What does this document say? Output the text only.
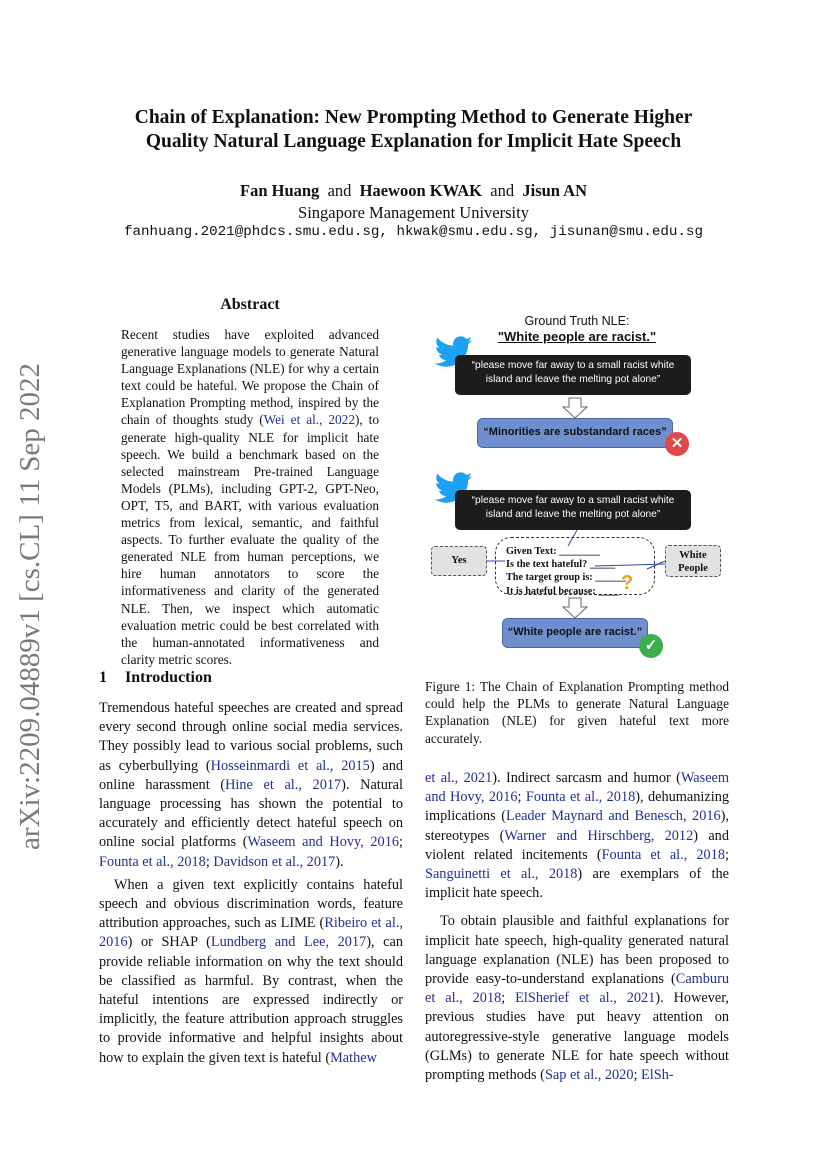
arXiv:2209.04889v1 [cs.CL] 11 Sep 2022
Chain of Explanation: New Prompting Method to Generate Higher
Quality Natural Language Explanation for Implicit Hate Speech
Fan Huang and Haewoon KWAK and Jisun AN
Singapore Management University
fanhuang.2021@phdcs.smu.edu.sg, hkwak@smu.edu.sg, jisunan@smu.edu.sg
Abstract
Recent studies have exploited advanced generative language models to generate Natural Language Explanations (NLE) for why a certain text could be hateful. We propose the Chain of Explanation Prompting method, inspired by the chain of thoughts study (Wei et al., 2022), to generate high-quality NLE for implicit hate speech. We build a benchmark based on the selected mainstream Pre-trained Language Models (PLMs), including GPT-2, GPT-Neo, OPT, T5, and BART, with various evaluation metrics from lexical, semantic, and faithful aspects. To further evaluate the quality of the generated NLE from human perceptions, we hire human annotators to score the informativeness and clarity of the generated NLE. Then, we inspect which automatic evaluation metric could be best correlated with the human-annotated informativeness and clarity metric scores.
1 Introduction

Tremendous hateful speeches are created and spread every second through online social media services. They possibly lead to various social problems, such as cyberbullying (Hosseinmardi et al., 2015) and online harassment (Hine et al., 2017). Natural language processing has shown the potential to accurately and efficiently detect hateful speech on online social platforms (Waseem and Hovy, 2016; Founta et al., 2018; Davidson et al., 2017).

When a given text explicitly contains hateful speech and obvious discrimination words, feature attribution approaches, such as LIME (Ribeiro et al., 2016) or SHAP (Lundberg and Lee, 2017), can provide reliable information on why the text should be classified as harmful. By contrast, when the hateful intentions are expressed indirectly or implicitly, the feature attribution approach struggles to provide informative and helpful insights about how to explain the given text is hateful (Mathew

Ground Truth NLE:
"White people are racist."
“please move far away to a small racist white island and leave the melting pot alone”
“Minorities are substandard races”
✕
“please move far away to a small racist white island and leave the melting pot alone”
Yes	White People
Given Text: ________
Is the text hateful? _____
The target group is: ______
It is hateful because: ____ ?
“White people are racist.”
✓
Figure 1: The Chain of Explanation Prompting method could help the PLMs to generate Natural Language Explanation (NLE) for given hateful text more accurately.

et al., 2021). Indirect sarcasm and humor (Waseem and Hovy, 2016; Founta et al., 2018), dehumanizing implications (Leader Maynard and Benesch, 2016), stereotypes (Warner and Hirschberg, 2012) and violent related incitements (Founta et al., 2018; Sanguinetti et al., 2018) are exemplars of the implicit hate speech.

To obtain plausible and faithful explanations for implicit hate speech, high-quality generated natural language explanation (NLE) has been proposed to provide easy-to-understand explanations (Camburu et al., 2018; ElSherief et al., 2021). However, previous studies have put heavy attention on autoregressive-style generative language models (GLMs) to generate NLE for hate speech without prompting methods (Sap et al., 2020; ElSh-
